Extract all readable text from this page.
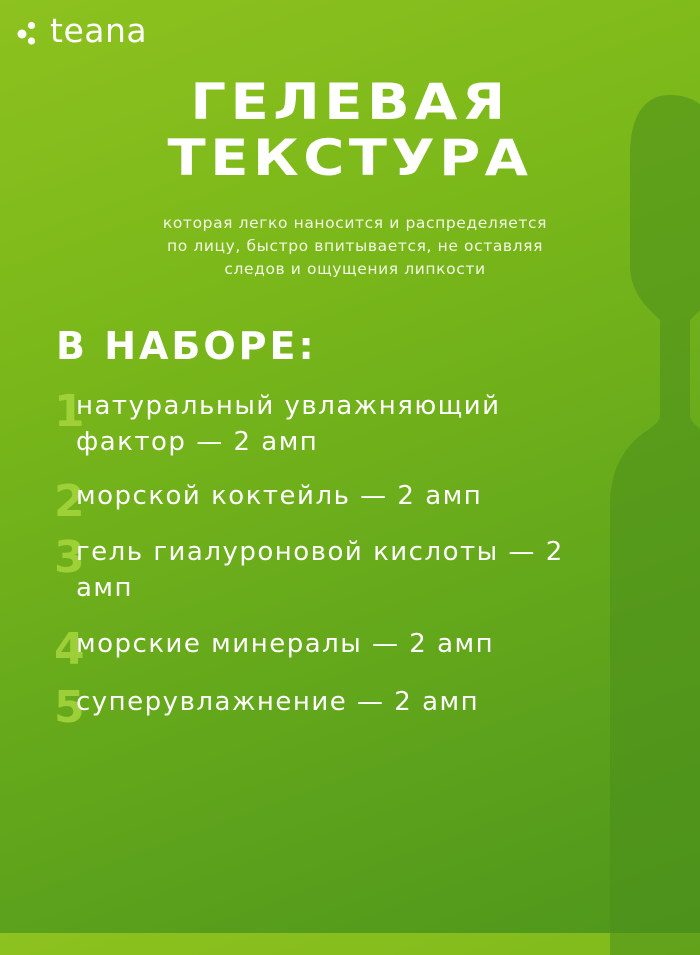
teana
ГЕЛЕВАЯ
ТЕКСТУРА
которая легко наносится и распределяется
по лицу, быстро впитывается, не оставляя
следов и ощущения липкости
В НАБОРЕ:
1
натуральный увлажняющий фактор — 2 амп
2
морской коктейль — 2 амп
3
гель гиалуроновой кислоты — 2 амп
4
морские минералы — 2 амп
5
суперувлажнение — 2 амп
